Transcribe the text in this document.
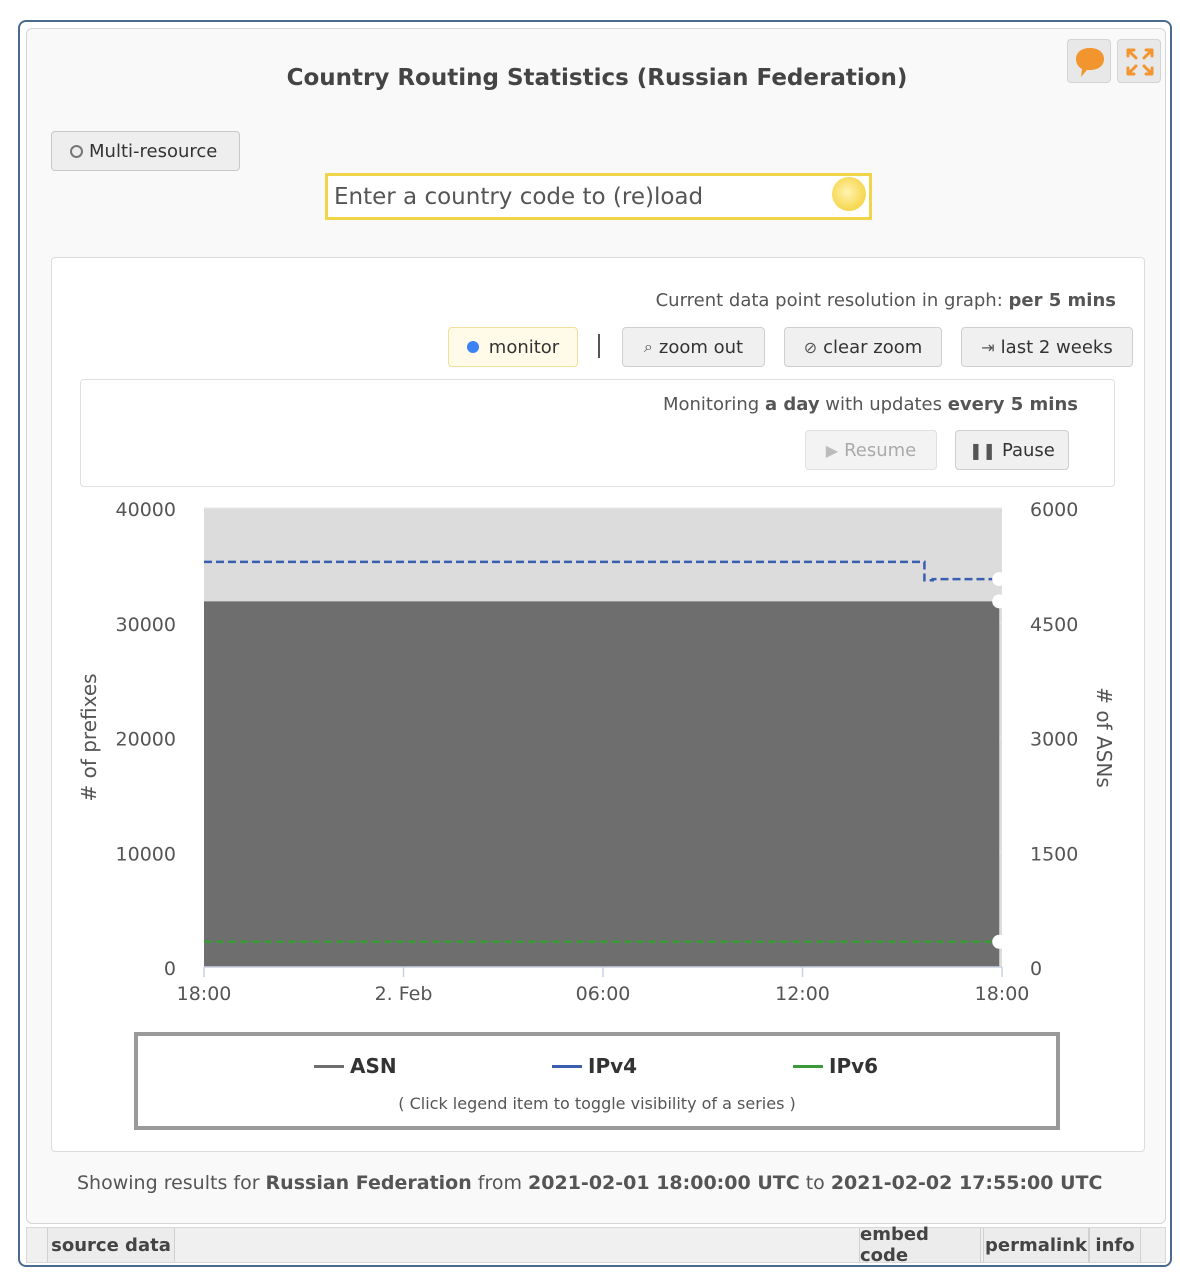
Country Routing Statistics (Russian Federation)
Multi-resource
Enter a country code to (re)load
Current data point resolution in graph: per 5 mins
monitor	⌕ zoom out	⊘ clear zoom	⇥ last 2 weeks
Monitoring a day with updates every 5 mins
▶ Resume	❚❚ Pause
18:00	2. Feb	06:00	12:00	18:00
0
10000
20000
30000
40000
0
1500
3000
4500
6000
# of prefixes	# of ASNs
ASN	IPv4	IPv6
( Click legend item to toggle visibility of a series )
Showing results for Russian Federation from 2021-02-01 18:00:00 UTC to 2021-02-02 17:55:00 UTC
source data	embed code	permalink info
